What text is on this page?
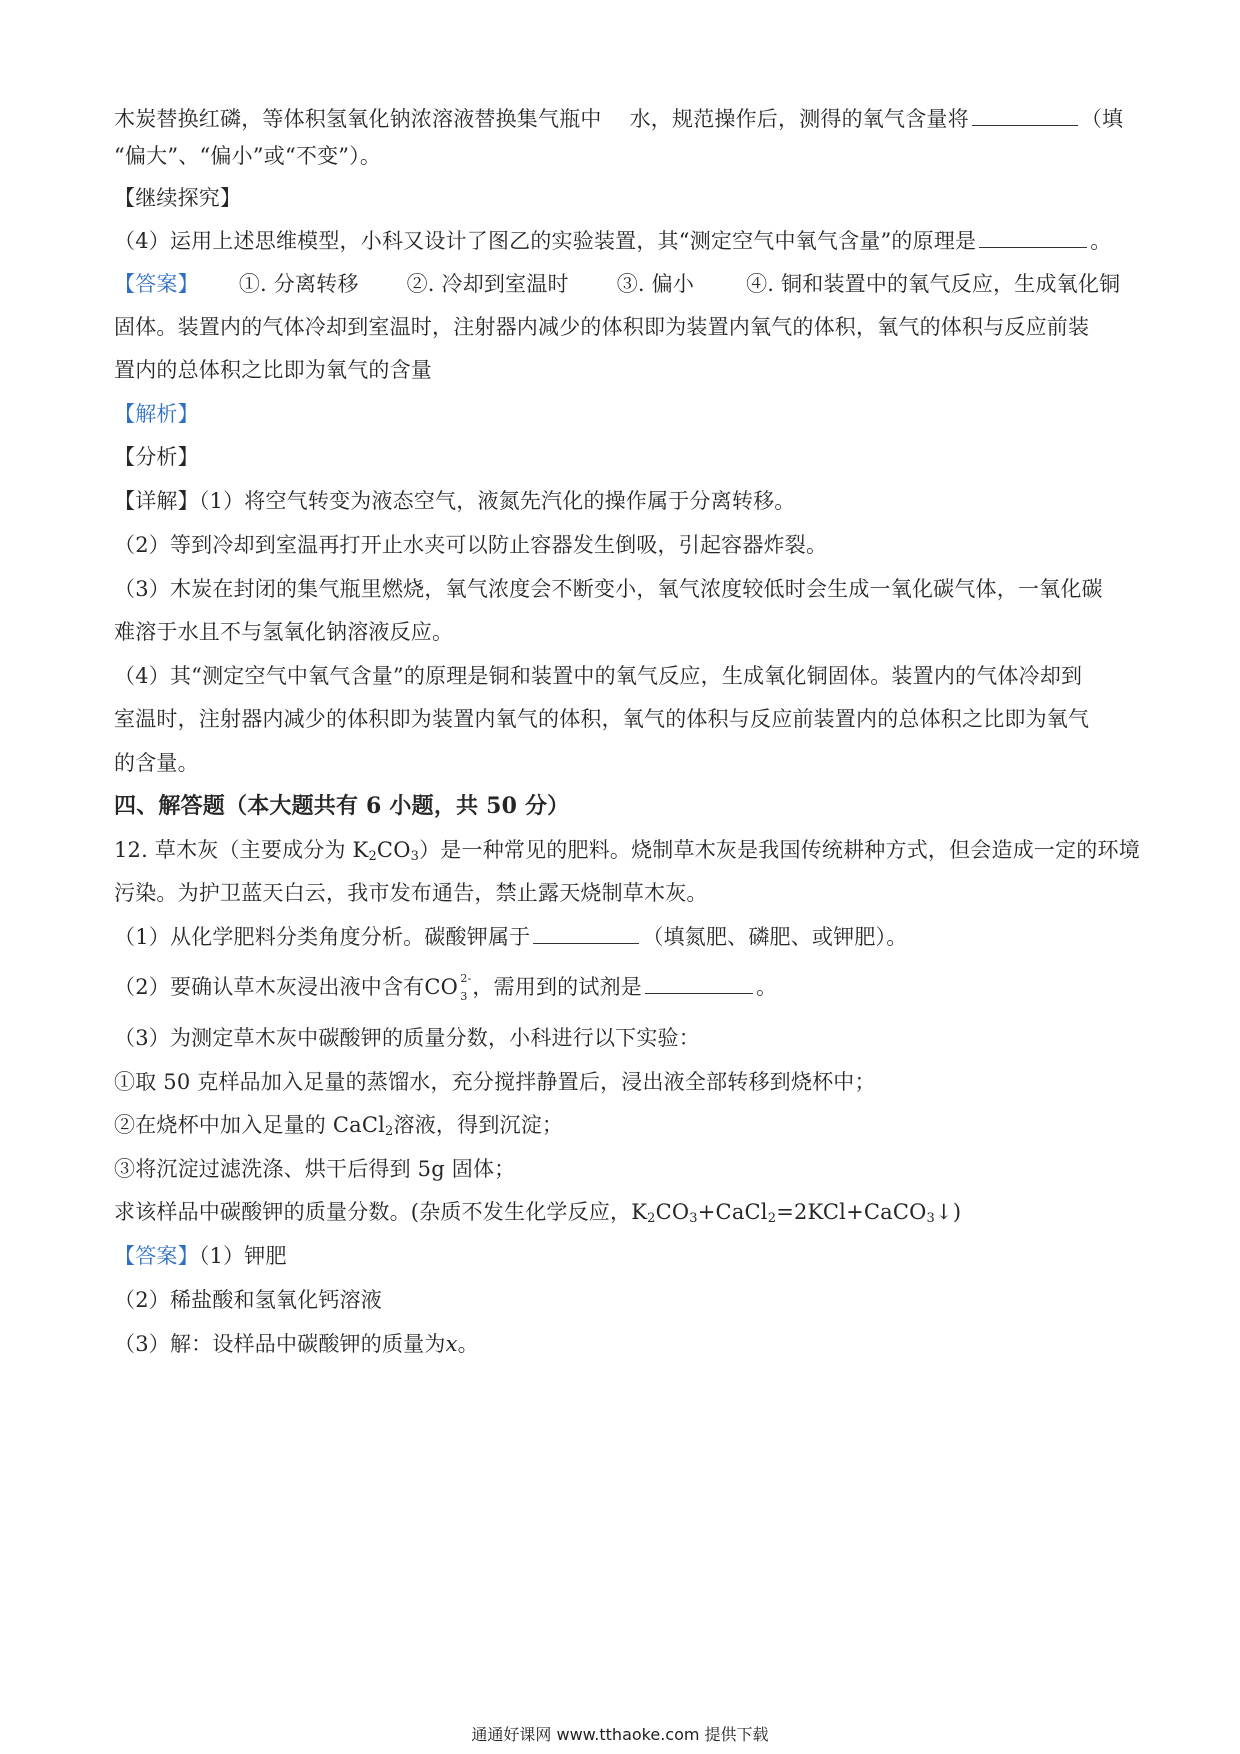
木炭替换红磷，等体积氢氧化钠浓溶液替换集气瓶中 水，规范操作后，测得的氧气含量将	（填
“偏大”、“偏小”或“不变”）。
【继续探究】
（4）运用上述思维模型，小科又设计了图乙的实验装置，其“测定空气中氧气含量”的原理是	。
【答案】 ①. 分离转移 ②. 冷却到室温时 ③. 偏小 ④. 铜和装置中的氧气反应，生成氧化铜
固体。装置内的气体冷却到室温时，注射器内减少的体积即为装置内氧气的体积，氧气的体积与反应前装
置内的总体积之比即为氧气的含量
【解析】
【分析】
【详解】（1）将空气转变为液态空气，液氮先汽化的操作属于分离转移。
（2）等到冷却到室温再打开止水夹可以防止容器发生倒吸，引起容器炸裂。
（3）木炭在封闭的集气瓶里燃烧，氧气浓度会不断变小，氧气浓度较低时会生成一氧化碳气体，一氧化碳
难溶于水且不与氢氧化钠溶液反应。
（4）其“测定空气中氧气含量”的原理是铜和装置中的氧气反应，生成氧化铜固体。装置内的气体冷却到
室温时，注射器内减少的体积即为装置内氧气的体积，氧气的体积与反应前装置内的总体积之比即为氧气
的含量。
四、解答题（本大题共有 6 小题，共 50 分）
12. 草木灰（主要成分为 $K_2CO_3$）是一种常见的肥料。烧制草木灰是我国传统耕种方式，但会造成一定的环境
污染。为护卫蓝天白云，我市发布通告，禁止露天烧制草木灰。
（1）从化学肥料分类角度分析。碳酸钾属于	（填氮肥、磷肥、或钾肥）。
（2）要确认草木灰浸出液中含有CO 2-
3 ，需用到的试剂是	。
（3）为测定草木灰中碳酸钾的质量分数，小科进行以下实验：
①取 50 克样品加入足量的蒸馏水，充分搅拌静置后，浸出液全部转移到烧杯中；
②在烧杯中加入足量的 CaCl$_2$溶液，得到沉淀；
③将沉淀过滤洗涤、烘干后得到 5g 固体；
求该样品中碳酸钾的质量分数。(杂质不发生化学反应，$K_2CO_3+CaCl_2=2KCl+CaCO_3↓$)
【答案】（1）钾肥
（2）稀盐酸和氢氧化钙溶液
（3）解：设样品中碳酸钾的质量为x。
通通好课网 www.tthaoke.com 提供下载
